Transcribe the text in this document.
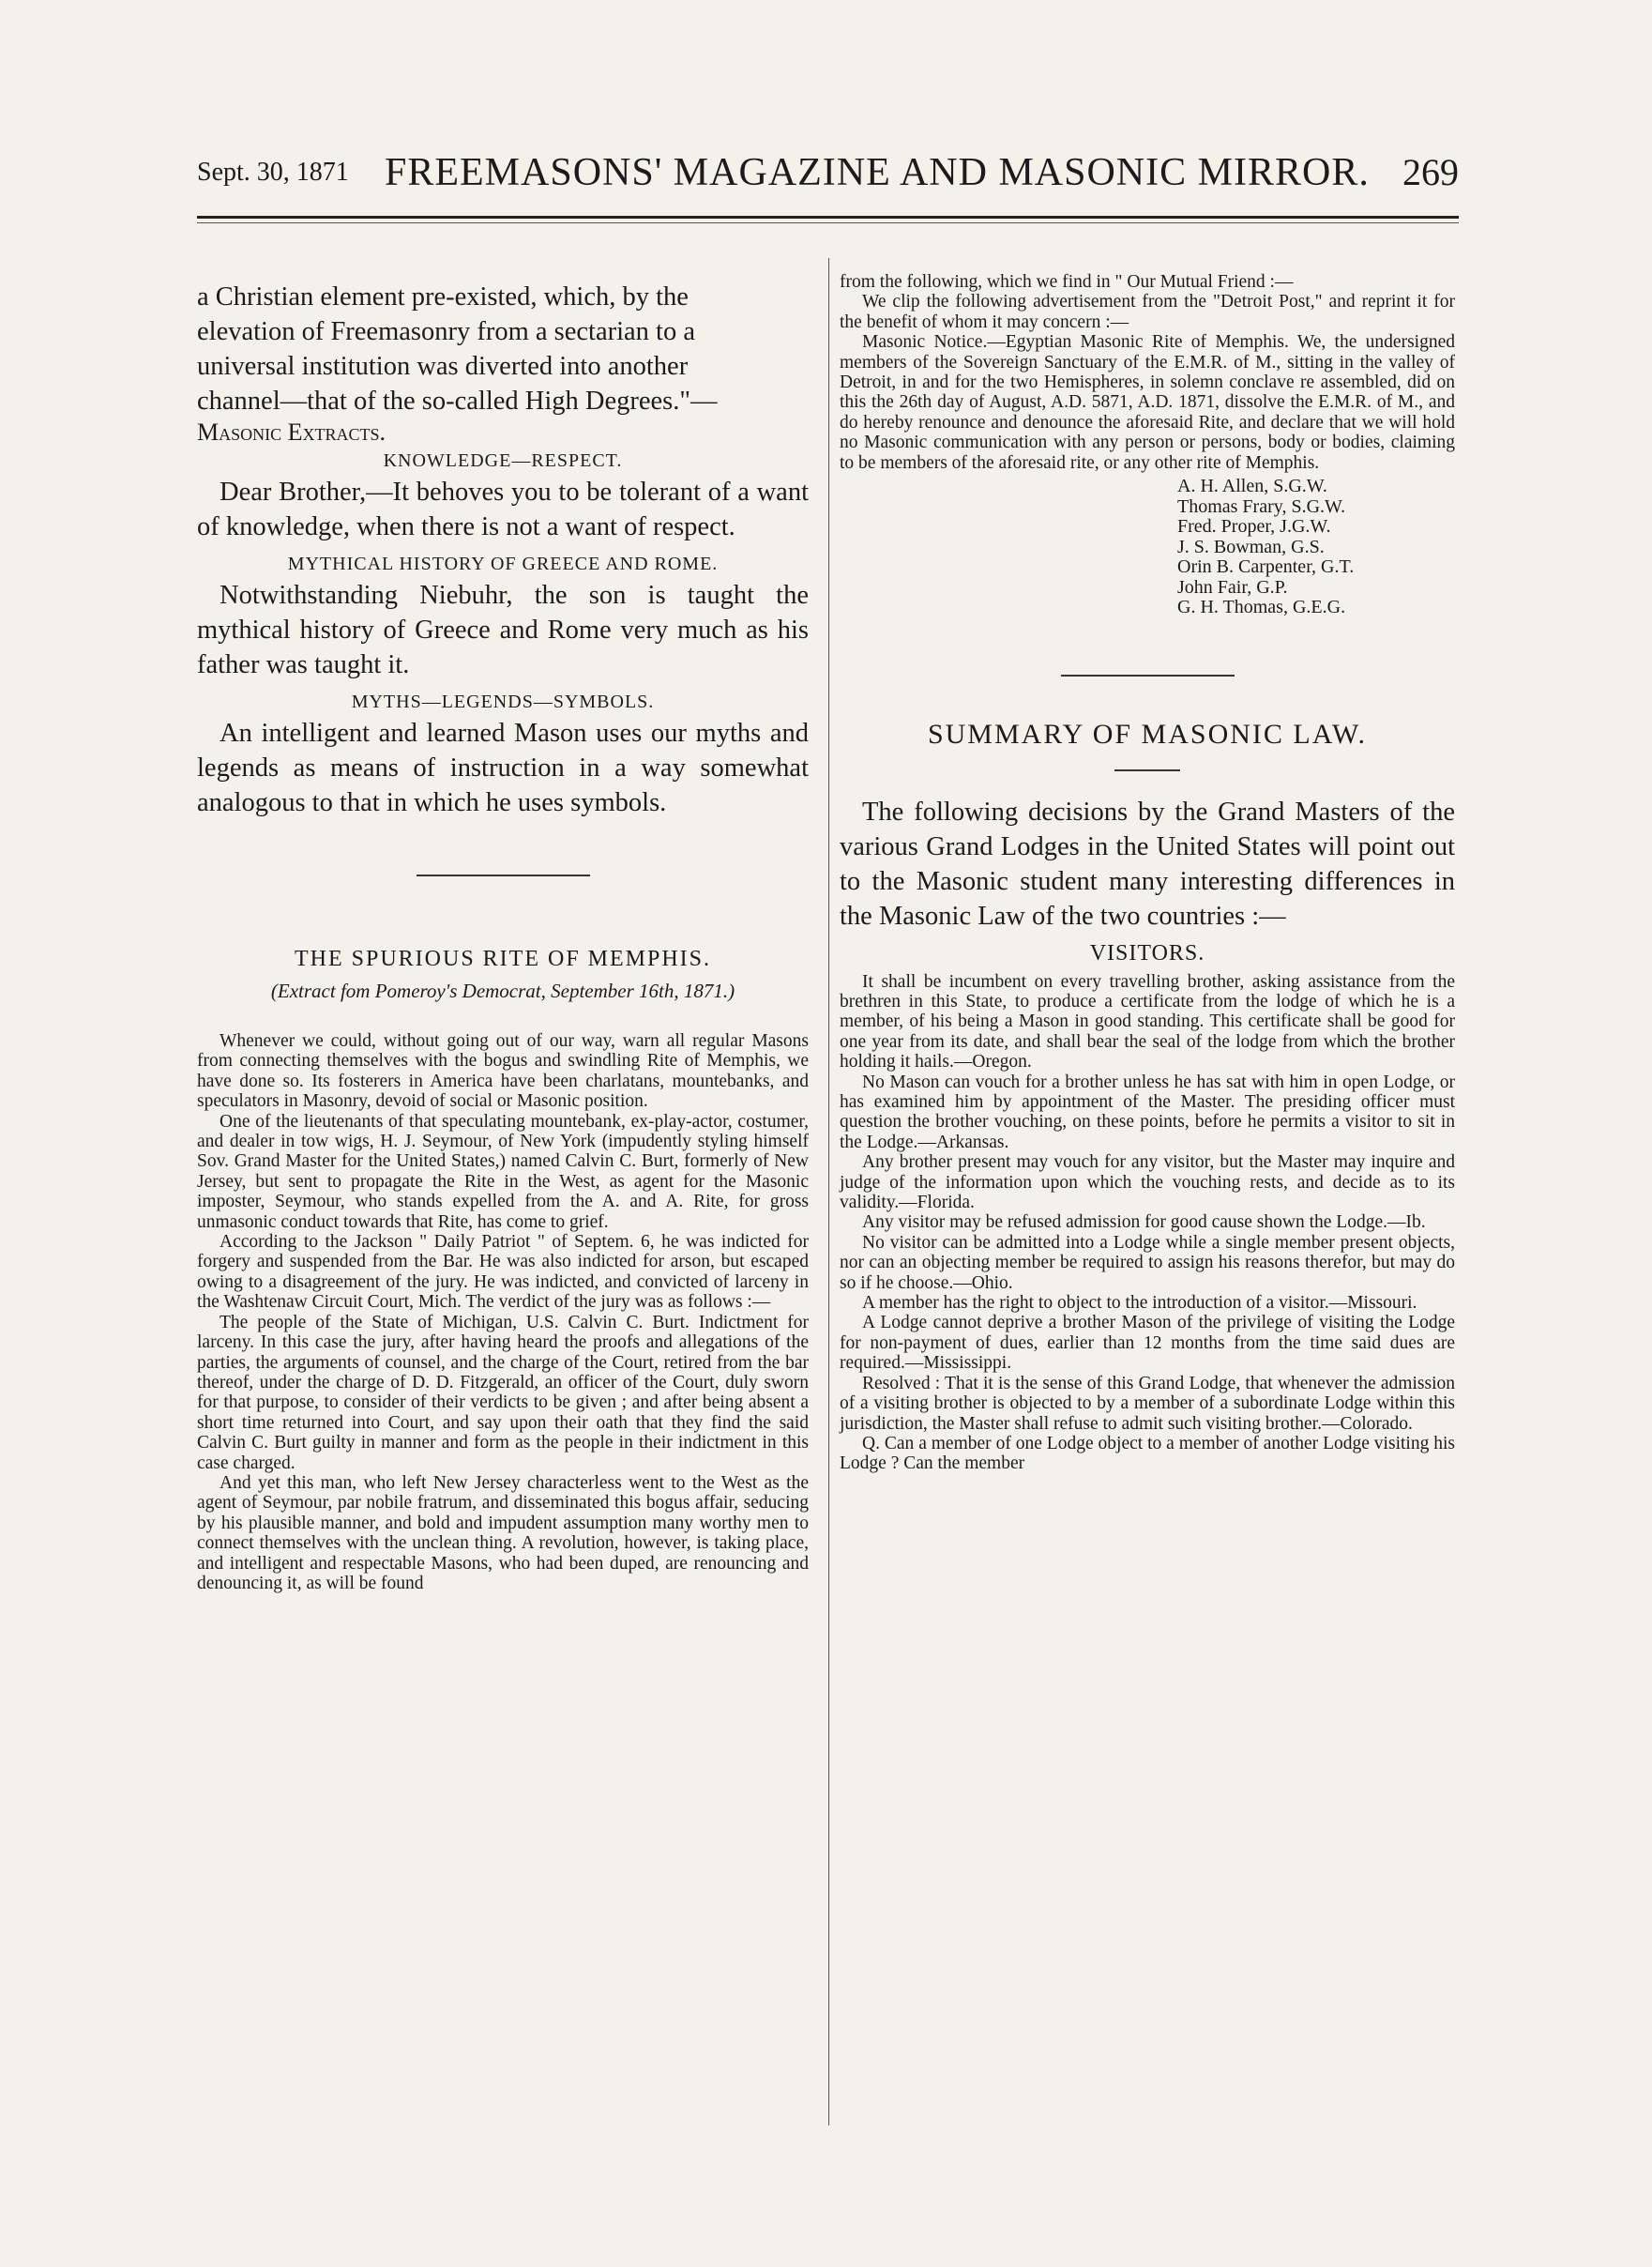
Sept. 30, 1871 FREEMASONS' MAGAZINE AND MASONIC MIRROR. 269

a Christian element pre-existed, which, by the

elevation of Freemasonry from a sectarian to a

universal institution was diverted into another

channel—that of the so-called High Degrees."—

Masonic Extracts.

KNOWLEDGE—RESPECT.

Dear Brother,—It behoves you to be tolerant of a want of knowledge, when there is not a want of respect.

MYTHICAL HISTORY OF GREECE AND ROME.

Notwithstanding Niebuhr, the son is taught the mythical history of Greece and Rome very much as his father was taught it.

MYTHS—LEGENDS—SYMBOLS.

An intelligent and learned Mason uses our myths and legends as means of instruction in a way somewhat analogous to that in which he uses symbols.

THE SPURIOUS RITE OF MEMPHIS.

(Extract fom Pomeroy's Democrat, September 16th, 1871.)

Whenever we could, without going out of our way, warn all regular Masons from connecting themselves with the bogus and swindling Rite of Memphis, we have done so. Its fosterers in America have been charlatans, mountebanks, and speculators in Masonry, devoid of social or Masonic position.

One of the lieutenants of that speculating mountebank, ex-play-actor, costumer, and dealer in tow wigs, H. J. Seymour, of New York (impudently styling himself Sov. Grand Master for the United States,) named Calvin C. Burt, formerly of New Jersey, but sent to propagate the Rite in the West, as agent for the Masonic imposter, Seymour, who stands expelled from the A. and A. Rite, for gross unmasonic conduct towards that Rite, has come to grief.

According to the Jackson " Daily Patriot " of Septem. 6, he was indicted for forgery and suspended from the Bar. He was also indicted for arson, but escaped owing to a disagreement of the jury. He was indicted, and convicted of larceny in the Washtenaw Circuit Court, Mich. The verdict of the jury was as follows :—

The people of the State of Michigan, U.S. Calvin C. Burt. Indictment for larceny. In this case the jury, after having heard the proofs and allegations of the parties, the arguments of counsel, and the charge of the Court, retired from the bar thereof, under the charge of D. D. Fitzgerald, an officer of the Court, duly sworn for that purpose, to consider of their verdicts to be given ; and after being absent a short time returned into Court, and say upon their oath that they find the said Calvin C. Burt guilty in manner and form as the people in their indictment in this case charged.

And yet this man, who left New Jersey characterless went to the West as the agent of Seymour, par nobile fratrum, and disseminated this bogus affair, seducing by his plausible manner, and bold and impudent assumption many worthy men to connect themselves with the unclean thing. A revolution, however, is taking place, and intelligent and respectable Masons, who had been duped, are renouncing and denouncing it, as will be found

from the following, which we find in " Our Mutual Friend :—

We clip the following advertisement from the "Detroit Post," and reprint it for the benefit of whom it may concern :—

Masonic Notice.—Egyptian Masonic Rite of Memphis. We, the undersigned members of the Sovereign Sanctuary of the E.M.R. of M., sitting in the valley of Detroit, in and for the two Hemispheres, in solemn conclave re assembled, did on this the 26th day of August, A.D. 5871, A.D. 1871, dissolve the E.M.R. of M., and do hereby renounce and denounce the aforesaid Rite, and declare that we will hold no Masonic communication with any person or persons, body or bodies, claiming to be members of the aforesaid rite, or any other rite of Memphis.

A. H. Allen, S.G.W.

Thomas Frary, S.G.W.

Fred. Proper, J.G.W.

J. S. Bowman, G.S.

Orin B. Carpenter, G.T.

John Fair, G.P.

G. H. Thomas, G.E.G.

SUMMARY OF MASONIC LAW.

The following decisions by the Grand Masters of the various Grand Lodges in the United States will point out to the Masonic student many interesting differences in the Masonic Law of the two countries :—

VISITORS.

It shall be incumbent on every travelling brother, asking assistance from the brethren in this State, to produce a certificate from the lodge of which he is a member, of his being a Mason in good standing. This certificate shall be good for one year from its date, and shall bear the seal of the lodge from which the brother holding it hails.—Oregon.

No Mason can vouch for a brother unless he has sat with him in open Lodge, or has examined him by appointment of the Master. The presiding officer must question the brother vouching, on these points, before he permits a visitor to sit in the Lodge.—Arkansas.

Any brother present may vouch for any visitor, but the Master may inquire and judge of the information upon which the vouching rests, and decide as to its validity.—Florida.

Any visitor may be refused admission for good cause shown the Lodge.—Ib.

No visitor can be admitted into a Lodge while a single member present objects, nor can an objecting member be required to assign his reasons therefor, but may do so if he choose.—Ohio.

A member has the right to object to the introduction of a visitor.—Missouri.

A Lodge cannot deprive a brother Mason of the privilege of visiting the Lodge for non-payment of dues, earlier than 12 months from the time said dues are required.—Mississippi.

Resolved : That it is the sense of this Grand Lodge, that whenever the admission of a visiting brother is objected to by a member of a subordinate Lodge within this jurisdiction, the Master shall refuse to admit such visiting brother.—Colorado.

Q. Can a member of one Lodge object to a member of another Lodge visiting his Lodge ? Can the member
